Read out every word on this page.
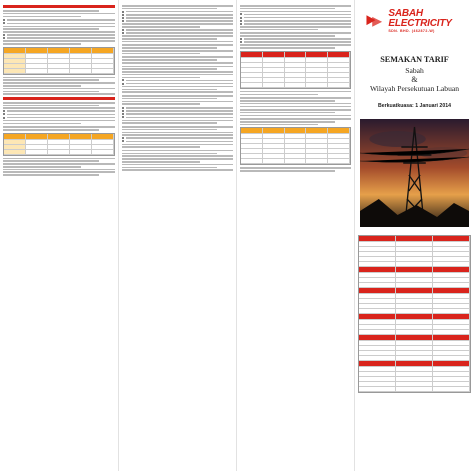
SABAH ELECTRICITY
SDN. BHD. (462872-W)
SEMAKAN TARIF
Sabah
&
Wilayah Persekutuan Labuan
Berkuatkuasa: 1 Januari 2014
